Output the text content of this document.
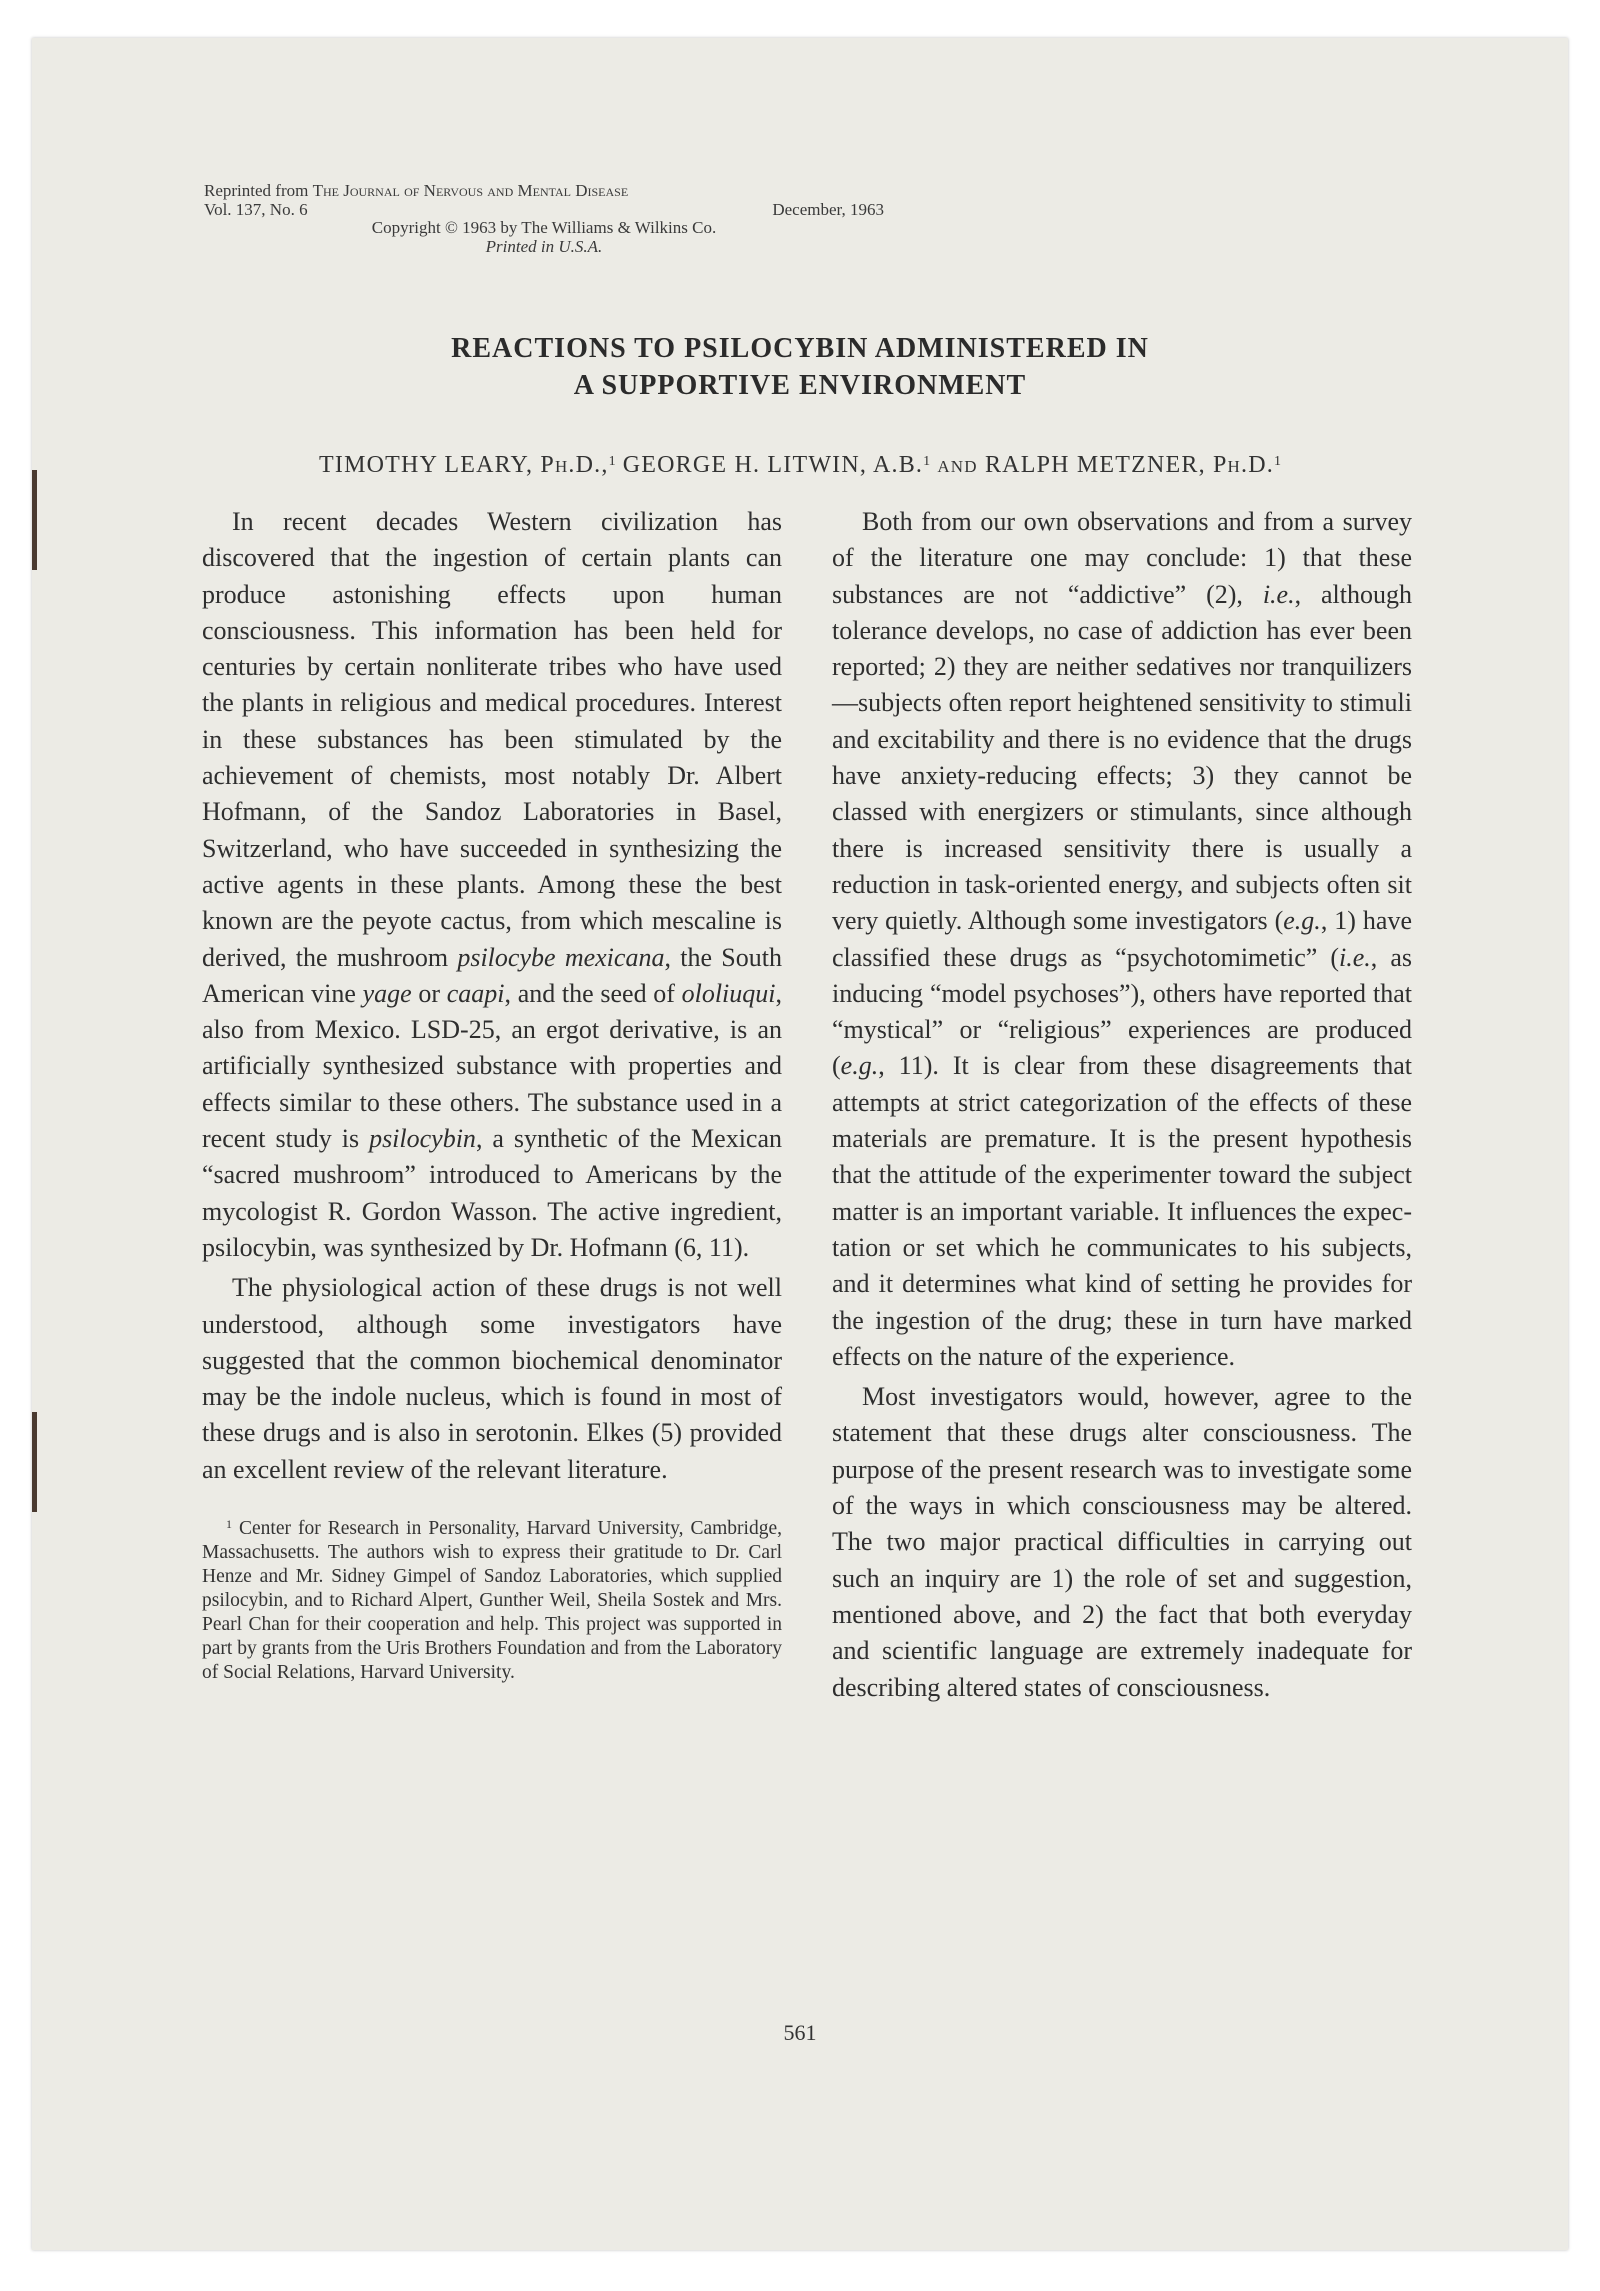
Reprinted from The Journal of Nervous and Mental Disease
Vol. 137, No. 6	December, 1963
Copyright © 1963 by The Williams & Wilkins Co.
Printed in U.S.A.
REACTIONS TO PSILOCYBIN ADMINISTERED IN
A SUPPORTIVE ENVIRONMENT
TIMOTHY LEARY, Ph.D.,$^1$ GEORGE H. LITWIN, A.B.$^1$ and RALPH METZNER, Ph.D.$^1$

In recent decades Western civilization has discovered that the ingestion of certain plants can produce astonishing effects upon human consciousness. This information has been held for centuries by certain nonliterate tribes who have used the plants in religious and medical procedures. Interest in these substances has been stimulated by the achievement of chemists, most notably Dr. Albert Hofmann, of the Sandoz Laboratories in Basel, Switzerland, who have succeeded in synthesizing the active agents in these plants. Among these the best known are the peyote cactus, from which mescaline is derived, the mushroom psilocybe mexicana, the South American vine yage or caapi, and the seed of ololiuqui, also from Mexico. LSD-25, an ergot derivative, is an artificially synthesized substance with properties and effects similar to these others. The substance used in a recent study is psilocybin, a synthetic of the Mexican “sacred mushroom” introduced to Americans by the mycologist R. Gordon Wasson. The active ingredient, psilocybin, was synthesized by Dr. Hofmann (6, 11).

The physiological action of these drugs is not well understood, although some investigators have suggested that the common biochemical denominator may be the indole nucleus, which is found in most of these drugs and is also in serotonin. Elkes (5) provided an excellent review of the relevant literature.

$^1$ Center for Research in Personality, Harvard University, Cambridge, Massachusetts. The authors wish to express their gratitude to Dr. Carl Henze and Mr. Sidney Gimpel of Sandoz Laboratories, which supplied psilocybin, and to Richard Alpert, Gunther Weil, Sheila Sostek and Mrs. Pearl Chan for their cooperation and help. This project was supported in part by grants from the Uris Brothers Foundation and from the Laboratory of Social Relations, Harvard University.

Both from our own observations and from a survey of the literature one may conclude: 1) that these substances are not “addictive” (2), i.e., although tolerance develops, no case of addiction has ever been reported; 2) they are neither sedatives nor tranquilizers—subjects often report heightened sensitivity to stimuli and excitability and there is no evidence that the drugs have anxiety-reducing effects; 3) they cannot be classed with energizers or stimulants, since although there is increased sensitivity there is usually a reduction in task-oriented energy, and subjects often sit very quietly. Although some investigators (e.g., 1) have classified these drugs as “psychotomimetic” (i.e., as inducing “model psychoses”), others have reported that “mystical” or “religious” experiences are produced (e.g., 11). It is clear from these disagreements that attempts at strict categorization of the effects of these materials are premature. It is the present hypothesis that the attitude of the experimenter toward the subject matter is an important variable. It influences the expectation or set which he communicates to his subjects, and it determines what kind of setting he provides for the ingestion of the drug; these in turn have marked effects on the nature of the experience.

Most investigators would, however, agree to the statement that these drugs alter consciousness. The purpose of the present research was to investigate some of the ways in which consciousness may be altered. The two major practical difficulties in carrying out such an inquiry are 1) the role of set and suggestion, mentioned above, and 2) the fact that both everyday and scientific language are extremely inadequate for describing altered states of consciousness.

561
